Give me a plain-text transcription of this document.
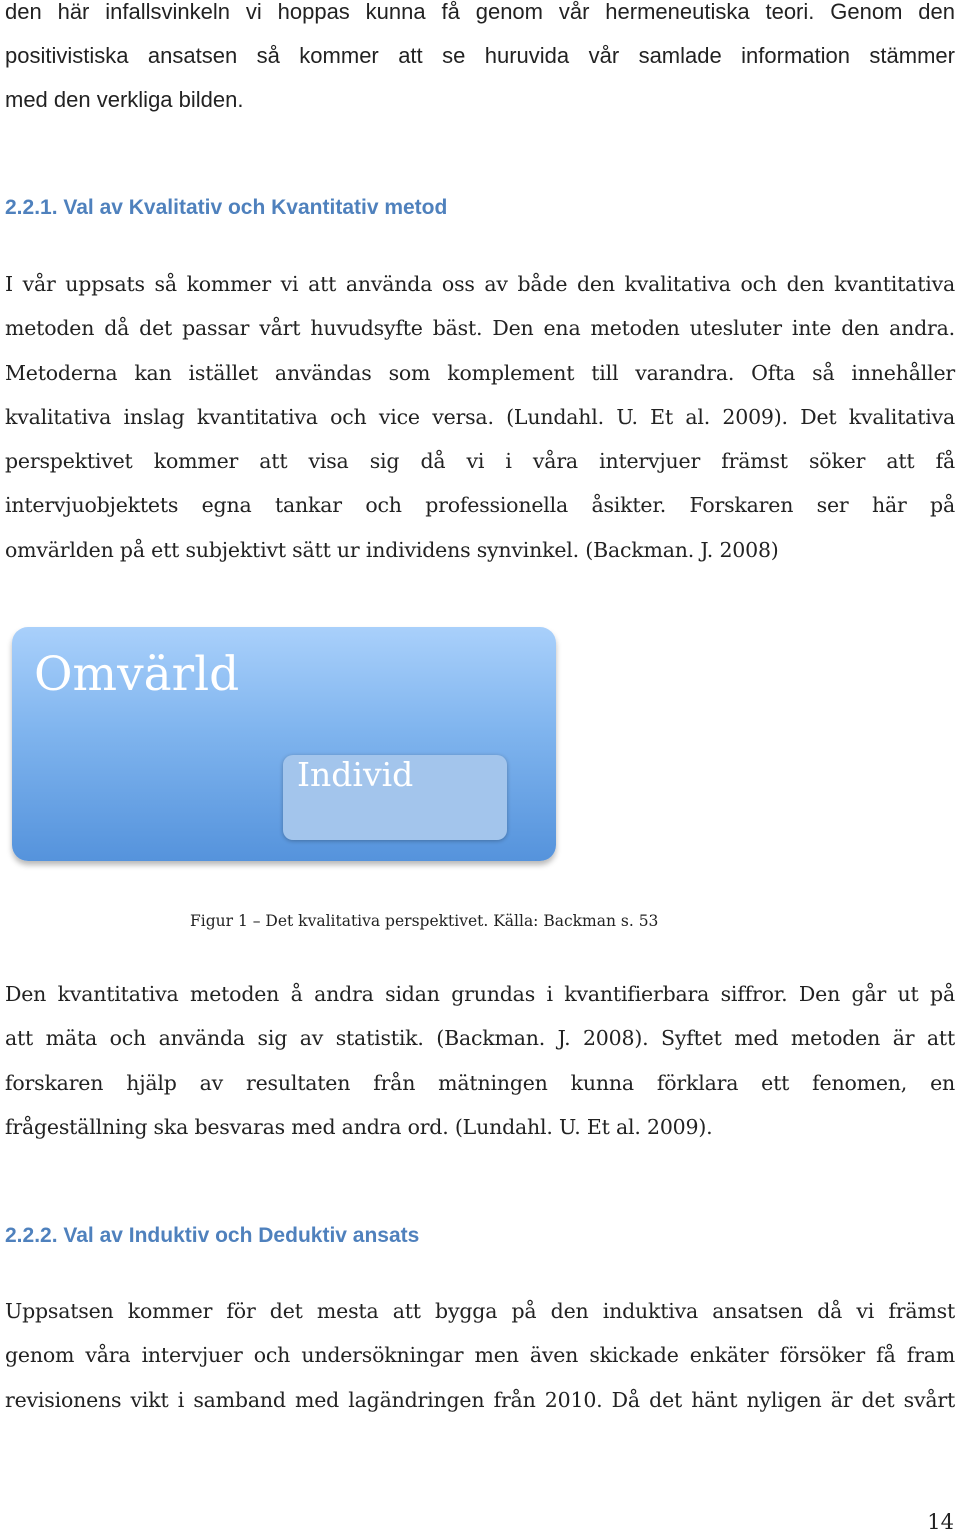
den här infallsvinkeln vi hoppas kunna få genom vår hermeneutiska teori. Genom den
positivistiska ansatsen så kommer att se huruvida vår samlade information stämmer
med den verkliga bilden.
2.2.1. Val av Kvalitativ och Kvantitativ metod
I vår uppsats så kommer vi att använda oss av både den kvalitativa och den kvantitativa
metoden då det passar vårt huvudsyfte bäst. Den ena metoden utesluter inte den andra.
Metoderna kan istället användas som komplement till varandra. Ofta så innehåller
kvalitativa inslag kvantitativa och vice versa. (Lundahl. U. Et al. 2009). Det kvalitativa
perspektivet kommer att visa sig då vi i våra intervjuer främst söker att få
intervjuobjektets egna tankar och professionella åsikter. Forskaren ser här på
omvärlden på ett subjektivt sätt ur individens synvinkel. (Backman. J. 2008)
Omvärld
Individ

Figur 1 – Det kvalitativa perspektivet. Källa: Backman s. 53

Den kvantitativa metoden å andra sidan grundas i kvantifierbara siffror. Den går ut på
att mäta och använda sig av statistik. (Backman. J. 2008). Syftet med metoden är att
forskaren hjälp av resultaten från mätningen kunna förklara ett fenomen, en
frågeställning ska besvaras med andra ord. (Lundahl. U. Et al. 2009).
2.2.2. Val av Induktiv och Deduktiv ansats
Uppsatsen kommer för det mesta att bygga på den induktiva ansatsen då vi främst
genom våra intervjuer och undersökningar men även skickade enkäter försöker få fram
revisionens vikt i samband med lagändringen från 2010. Då det hänt nyligen är det svårt
14
